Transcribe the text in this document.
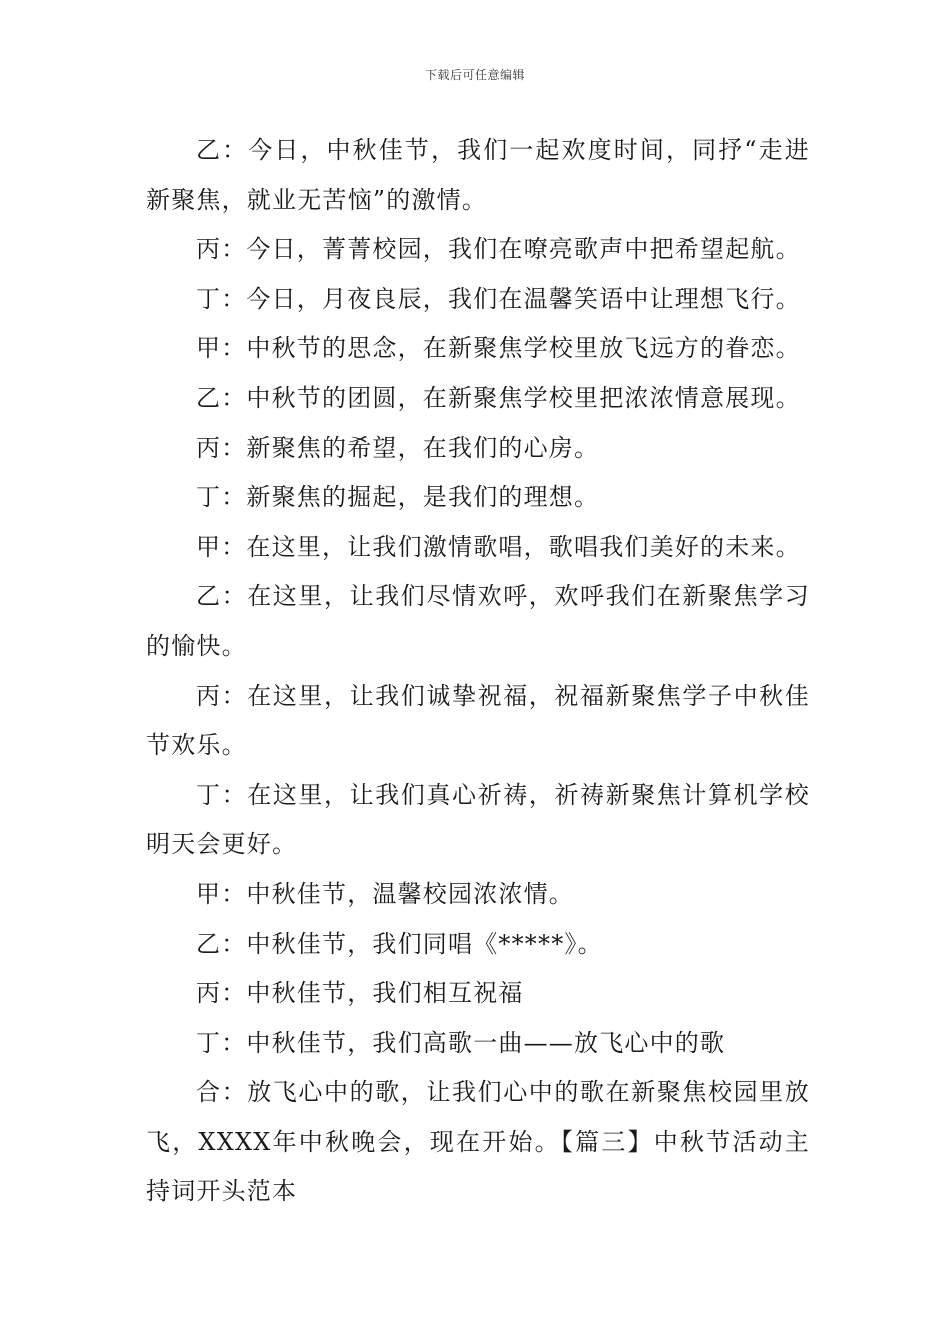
下载后可任意编辑

乙：今日，中秋佳节，我们一起欢度时间，同抒“走进新聚焦，就业无苦恼”的激情。

丙：今日，菁菁校园，我们在嘹亮歌声中把希望起航。

丁：今日，月夜良辰，我们在温馨笑语中让理想飞行。

甲：中秋节的思念，在新聚焦学校里放飞远方的眷恋。

乙：中秋节的团圆，在新聚焦学校里把浓浓情意展现。

丙：新聚焦的希望，在我们的心房。

丁：新聚焦的掘起，是我们的理想。

甲：在这里，让我们激情歌唱，歌唱我们美好的未来。

乙：在这里，让我们尽情欢呼，欢呼我们在新聚焦学习的愉快。

丙：在这里，让我们诚挚祝福，祝福新聚焦学子中秋佳节欢乐。

丁：在这里，让我们真心祈祷，祈祷新聚焦计算机学校明天会更好。

甲：中秋佳节，温馨校园浓浓情。

乙：中秋佳节，我们同唱《*****》。

丙：中秋佳节，我们相互祝福

丁：中秋佳节，我们高歌一曲——放飞心中的歌

合：放飞心中的歌，让我们心中的歌在新聚焦校园里放飞，XXXX年中秋晚会，现在开始。【篇三】中秋节活动主持词开头范本
